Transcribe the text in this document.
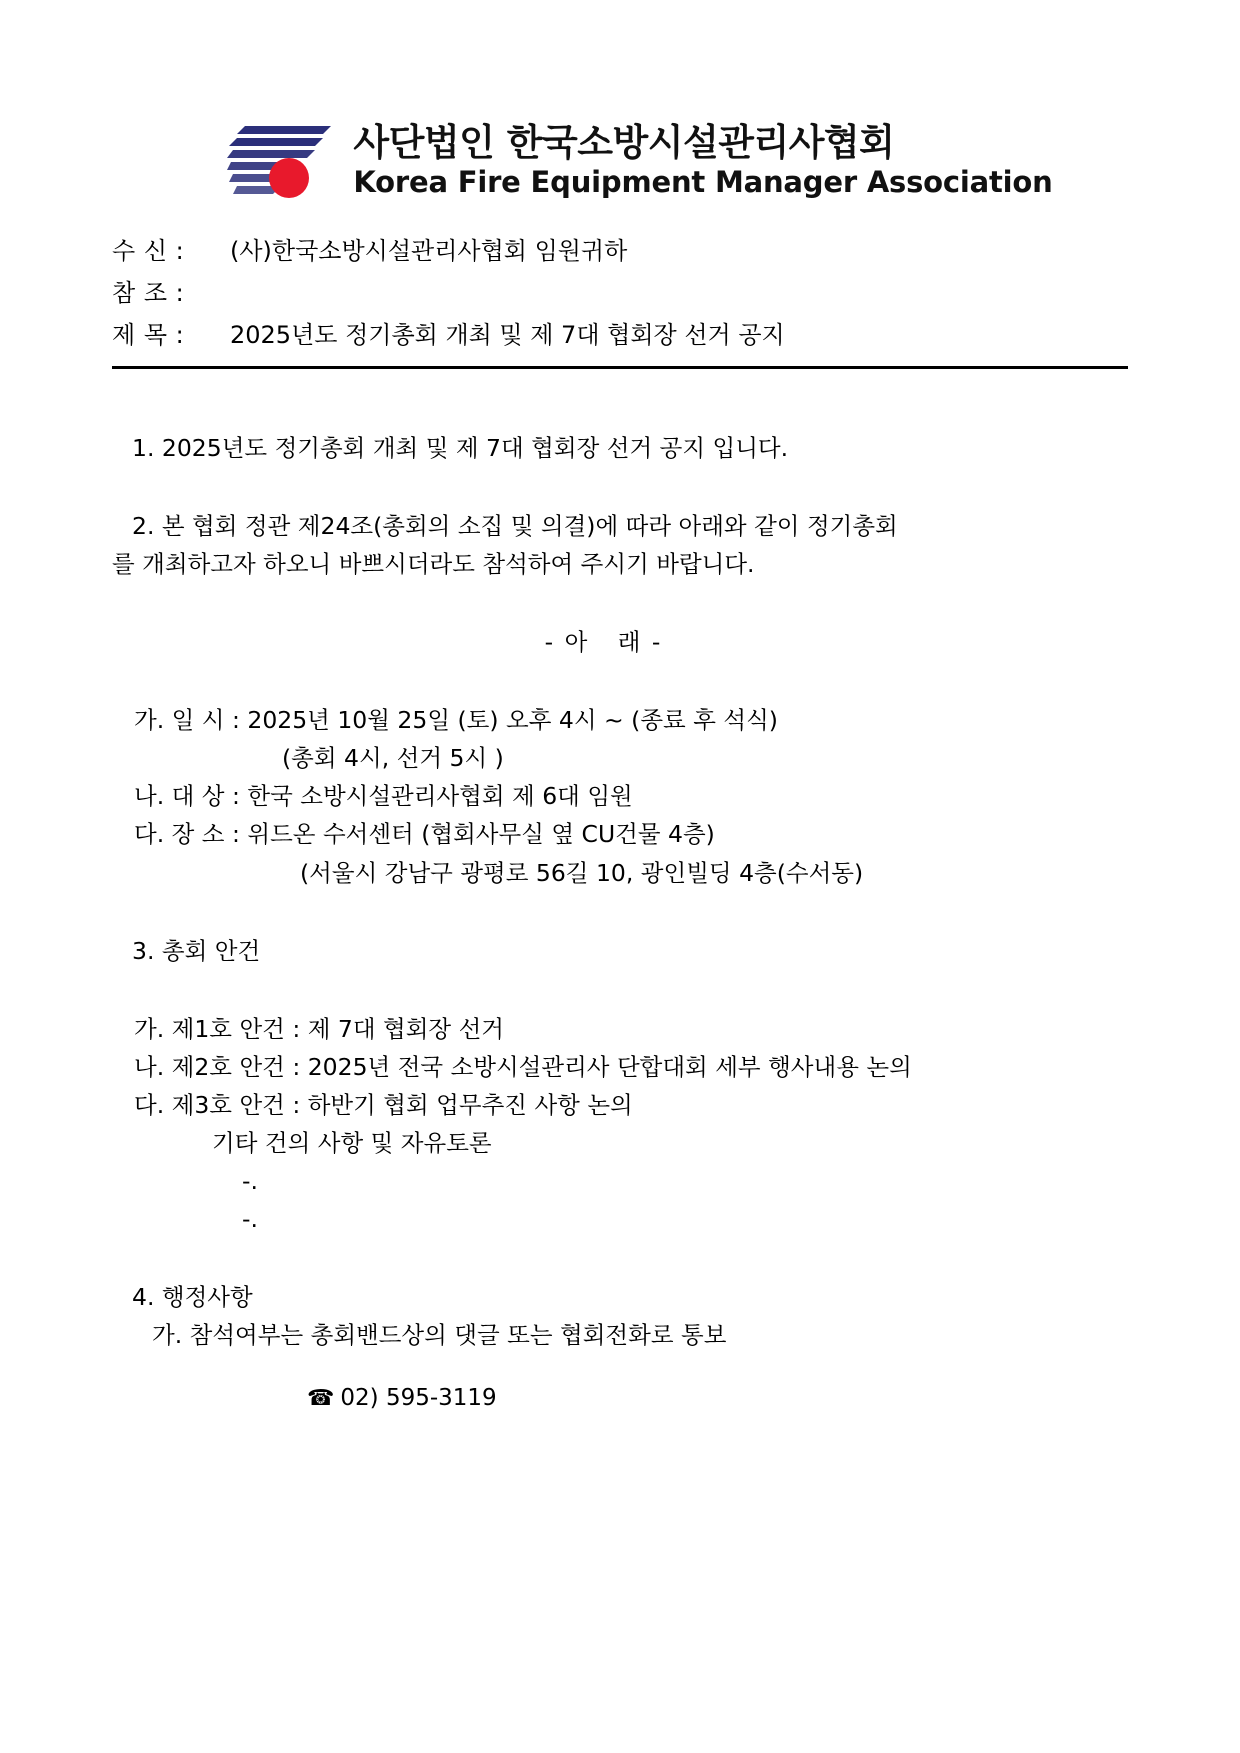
사단법인 한국소방시설관리사협회
Korea Fire Equipment Manager Association
수 신 :	(사)한국소방시설관리사협회 임원귀하
참 조 :
제 목 :	2025년도 정기총회 개최 및 제 7대 협회장 선거 공지
1. 2025년도 정기총회 개최 및 제 7대 협회장 선거 공지 입니다.
2. 본 협회 정관 제24조(총회의 소집 및 의결)에 따라 아래와 같이 정기총회
를 개최하고자 하오니 바쁘시더라도 참석하여 주시기 바랍니다.
- 아   래 -
가. 일 시 : 2025년 10월 25일 (토) 오후 4시 ~ (종료 후 석식)
(총회 4시, 선거 5시 )
나. 대 상 : 한국 소방시설관리사협회 제 6대 임원
다. 장 소 : 위드온 수서센터 (협회사무실 옆 CU건물 4층)
(서울시 강남구 광평로 56길 10, 광인빌딩 4층(수서동)
3. 총회 안건
가. 제1호 안건 : 제 7대 협회장 선거
나. 제2호 안건 : 2025년 전국 소방시설관리사 단합대회 세부 행사내용 논의
다. 제3호 안건 : 하반기 협회 업무추진 사항 논의
기타 건의 사항 및 자유토론
-.
-.
4. 행정사항
가. 참석여부는 총회밴드상의 댓글 또는 협회전화로 통보
☎ 02) 595-3119
